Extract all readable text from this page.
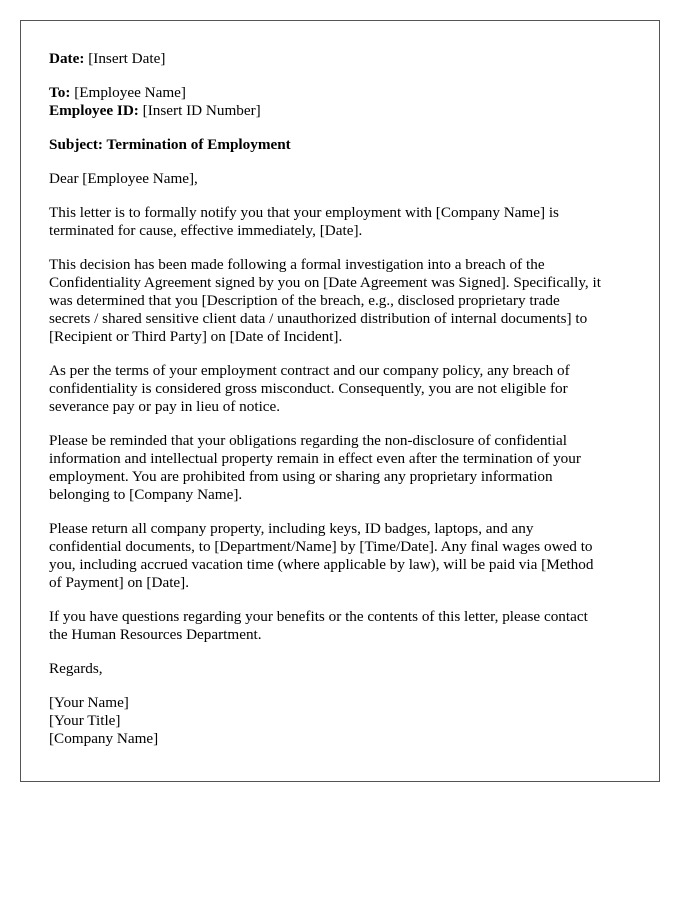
Date: [Insert Date]
To: [Employee Name]
Employee ID: [Insert ID Number]
Subject: Termination of Employment
Dear [Employee Name],
This letter is to formally notify you that your employment with [Company Name] is
terminated for cause, effective immediately, [Date].
This decision has been made following a formal investigation into a breach of the
Confidentiality Agreement signed by you on [Date Agreement was Signed]. Specifically, it
was determined that you [Description of the breach, e.g., disclosed proprietary trade
secrets / shared sensitive client data / unauthorized distribution of internal documents] to
[Recipient or Third Party] on [Date of Incident].
As per the terms of your employment contract and our company policy, any breach of
confidentiality is considered gross misconduct. Consequently, you are not eligible for
severance pay or pay in lieu of notice.
Please be reminded that your obligations regarding the non-disclosure of confidential
information and intellectual property remain in effect even after the termination of your
employment. You are prohibited from using or sharing any proprietary information
belonging to [Company Name].
Please return all company property, including keys, ID badges, laptops, and any
confidential documents, to [Department/Name] by [Time/Date]. Any final wages owed to
you, including accrued vacation time (where applicable by law), will be paid via [Method
of Payment] on [Date].
If you have questions regarding your benefits or the contents of this letter, please contact
the Human Resources Department.
Regards,
[Your Name]
[Your Title]
[Company Name]
